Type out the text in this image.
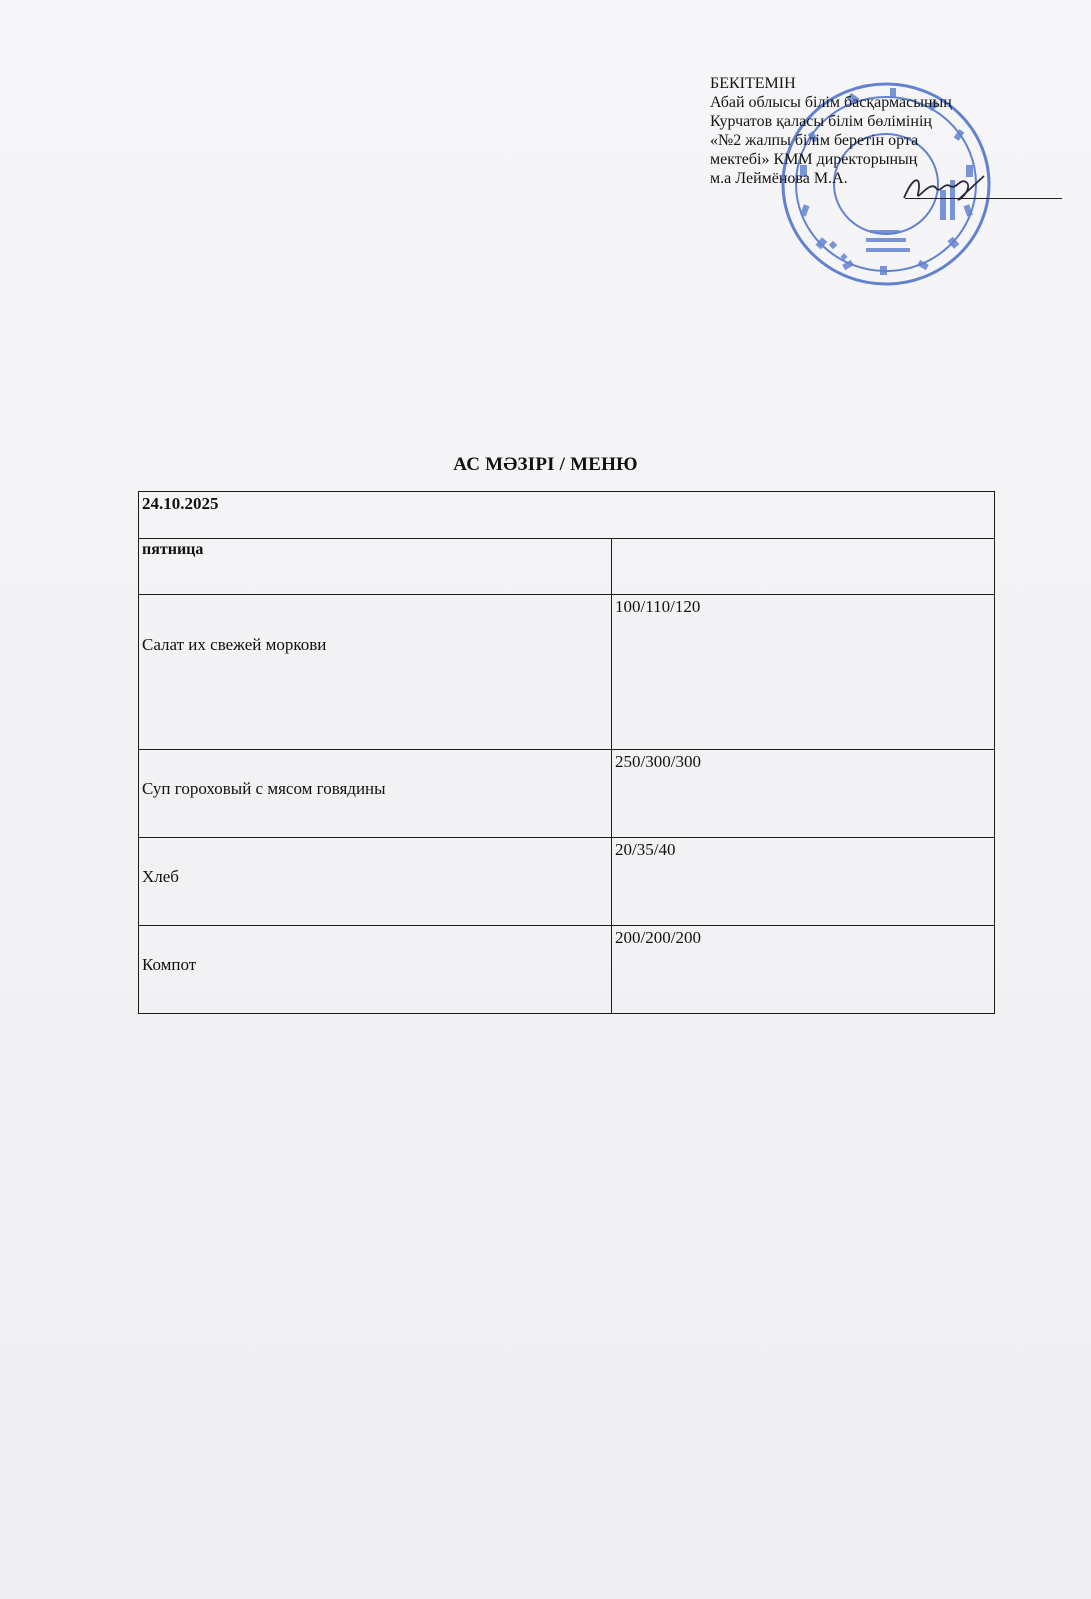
БЕКІТЕМІН
Абай облысы білім басқармасының
Курчатов қаласы білім бөлімінің
«№2 жалпы білім беретін орта
мектебі» КММ директорының
м.а Леймёнова М.А.
АС МӘЗІРІ / МЕНЮ
24.10.2025	
пятница	
Салат их свежей моркови	100/110/120
Суп гороховый с мясом говядины	250/300/300
Хлеб	20/35/40
Компот	200/200/200
